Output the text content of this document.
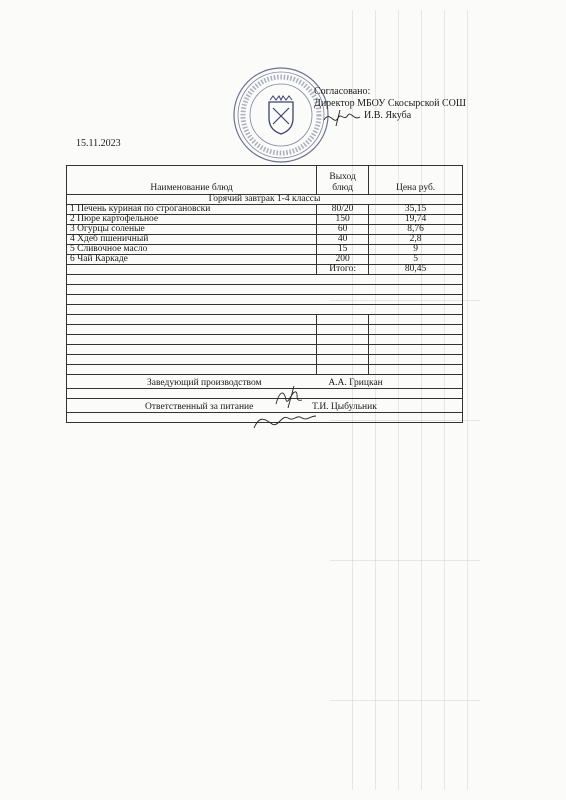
Согласовано:
Директор МБОУ Скосырской СОШ
И.В. Якуба
15.11.2023
Наименование блюд	Выход блюд	Цена руб.
Горячий завтрак 1-4 классы		
1 Печень куриная по строгановски	80/20	35,15
2 Пюре картофельное	150	19,74
3 Огурцы соленые	60	8,76
4 Хдеб пшеничный	40	2,8
5 Сливочное масло	15	9
6 Чай Каркаде	200	5
	Итого:	80,45

Заведующий производством А.А. Грицкан		

Ответственный за питание Т.И. Цыбульник		
